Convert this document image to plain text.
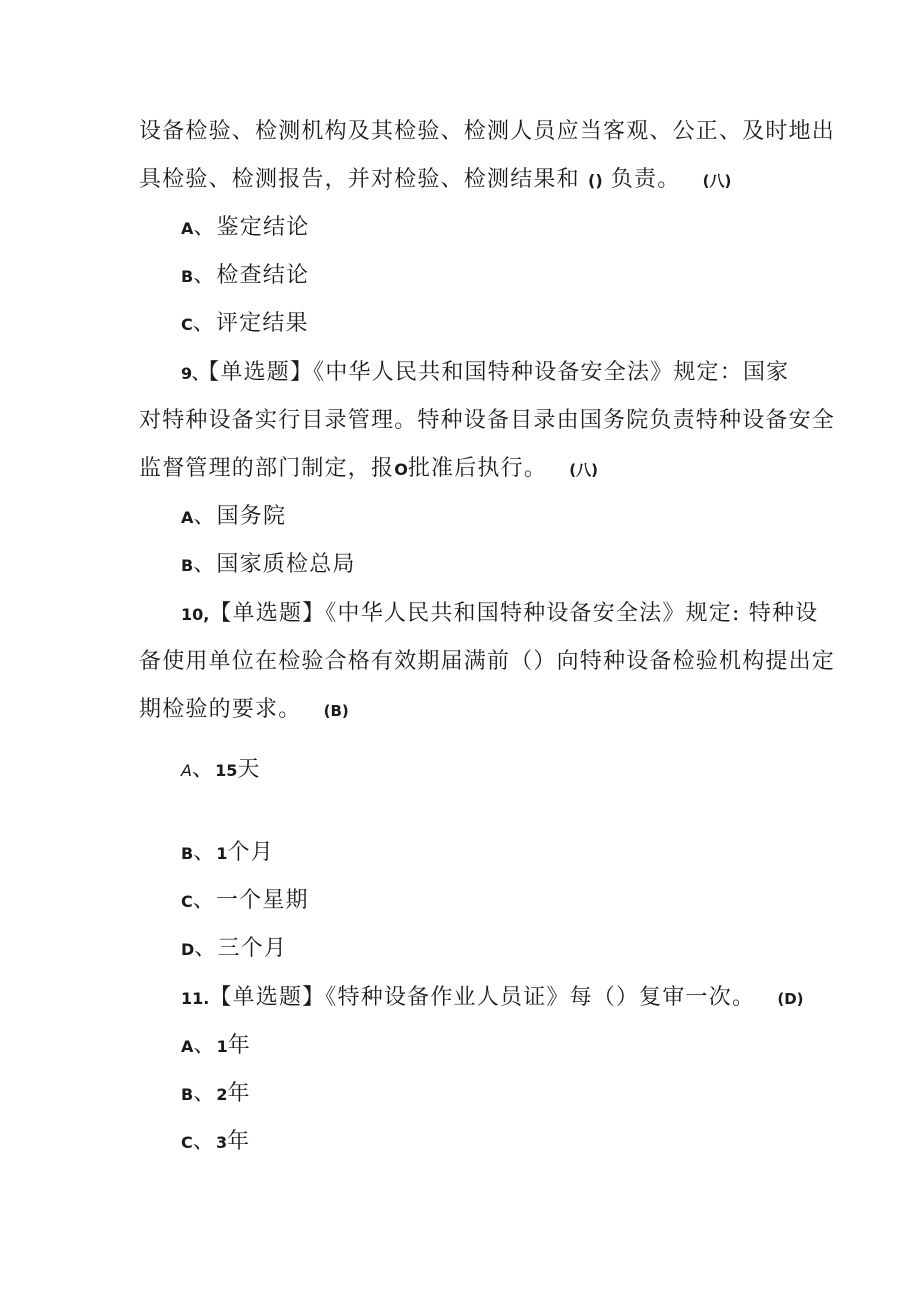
设备检验、检测机构及其检验、检测人员应当客观、公正、及时地出
具检验、检测报告，并对检验、检测结果和 () 负责。 (八)
A、鉴定结论
B、检查结论
C、评定结果
9、【单选题】《中华人民共和国特种设备安全法》规定：国家
对特种设备实行目录管理。特种设备目录由国务院负责特种设备安全
监督管理的部门制定，报O批准后执行。 (八)
A、国务院
B、国家质检总局
10,【单选题】《中华人民共和国特种设备安全法》规定: 特种设
备使用单位在检验合格有效期届满前（）向特种设备检验机构提出定
期检验的要求。 (B)
A、15天
B、1个月
C、一个星期
D、三个月
11.【单选题】《特种设备作业人员证》每（）复审一次。 (D)
A、1年
B、2年
C、3年
